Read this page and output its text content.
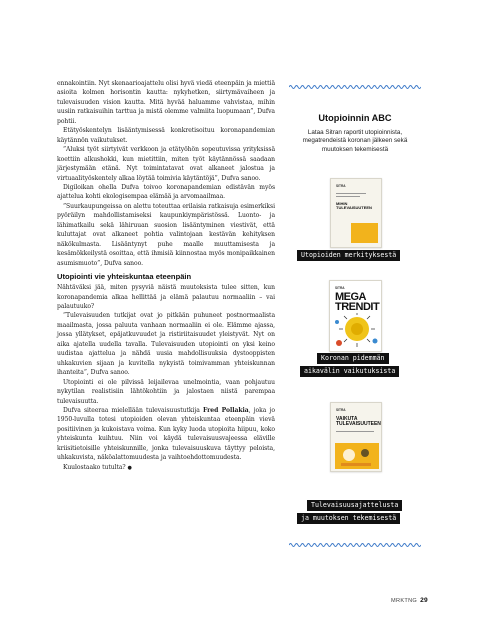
ennakointiin. Nyt skenaarioajattelu olisi hyvä viedä eteenpäin ja miettiä asioita kolmen horisontin kautta: nykyhetken, siirtymävaiheen ja tulevaisuuden vision kautta. Mitä hyvää haluamme vahvistaa, mihin uusiin ratkaisuihin tarttua ja mistä olemme valmiita luopumaan”, Dufva pohtii.

Etätyöskentelyn lisääntymisessä konkretisoituu koronapandemian käytännön vaikutukset.

”Aluksi työt siirtyivät verkkoon ja etätyöhön sopeutuvissa yrityksissä koettiin alkushokki, kun mietittiin, miten työt käytännössä saadaan järjestymään etänä. Nyt toimintatavat ovat alkaneet jalostua ja virtuaalityöskentely alkaa löytää toimivia käytäntöjä”, Dufva sanoo.

Digiloikan ohella Dufva toivoo koronapandemian edistävän myös ajattelua kohti ekologisempaa elämää ja arvomaailmaa.

”Suurkaupungeissa on alettu toteuttaa erilaisia ratkaisuja esimerkiksi pyöräilyn mahdollistamiseksi kaupunkiympäristössä. Luonto- ja lähimatkailu sekä lähiruuan suosion lisääntyminen viestivät, että kuluttajat ovat alkaneet pohtia valintojaan kestävän kehityksen näkökulmasta. Lisääntynyt puhe maalle muuttamisesta ja kesämökkeilystä osoittaa, että ihmisiä kiinnostaa myös monipaikkainen asumismuoto”, Dufva sanoo.

Utopiointi vie yhteiskuntaa eteenpäin

Nähtäväksi jää, miten pysyviä näistä muutoksista tulee sitten, kun koronapandemia alkaa hellittää ja elämä palautuu normaaliin – vai palautuuko?

”Tulevaisuuden tutkijat ovat jo pitkään puhuneet postnormaalista maailmasta, jossa paluuta vanhaan normaaliin ei ole. Elämme ajassa, jossa yllätykset, epäjatkuvuudet ja ristiriitaisuudet yleistyvät. Nyt on aika ajatella uudella tavalla. Tulevaisuuden utopiointi on yksi keino uudistaa ajattelua ja nähdä uusia mahdollisuuksia dystooppisten uhkakuvien sijaan ja kuvitella nykyistä toimivamman yhteiskunnan ihanteita”, Dufva sanoo.

Utopiointi ei ole pilvissä leijailevaa unelmointia, vaan pohjautuu nykytilan realistisiin lähtökohtiin ja jalostaen niistä parempaa tulevaisuutta.

Dufva siteeraa mielellään tulevaisuustutkija Fred Pollakia, joka jo 1950-luvulla totesi utopioiden olevan yhteiskuntaa eteenpäin vievä positiivinen ja kukoistava voima. Kun kyky luoda utopioita hiipuu, koko yhteiskunta kuihtuu. Niin voi käydä tulevaisuusvajeessa eläville kriisitietoisille yhteiskunnille, jonka tulevaisuuskuva täyttyy peloista, uhkakuvista, näköalattomuudesta ja vaihtoehdottomuudesta.

Kuulostaako tutulta? ●

Utopioinnin ABC
Lataa Sitran raportit utopioinnista, megatrendeistä koronan jälkeen sekä muutoksen tekemisestä
SITRA
MIHIN TULEVAISUUTEEN
Utopioiden merkityksestä
SITRA
MEGA TRENDIT
Koronan pidemmän
aikavälin vaikutuksista
SITRA
VAIKUTA TULEVAISUUTEEN
Tulevaisuusajattelusta
ja muutoksen tekemisestä
MRKTNG 29
